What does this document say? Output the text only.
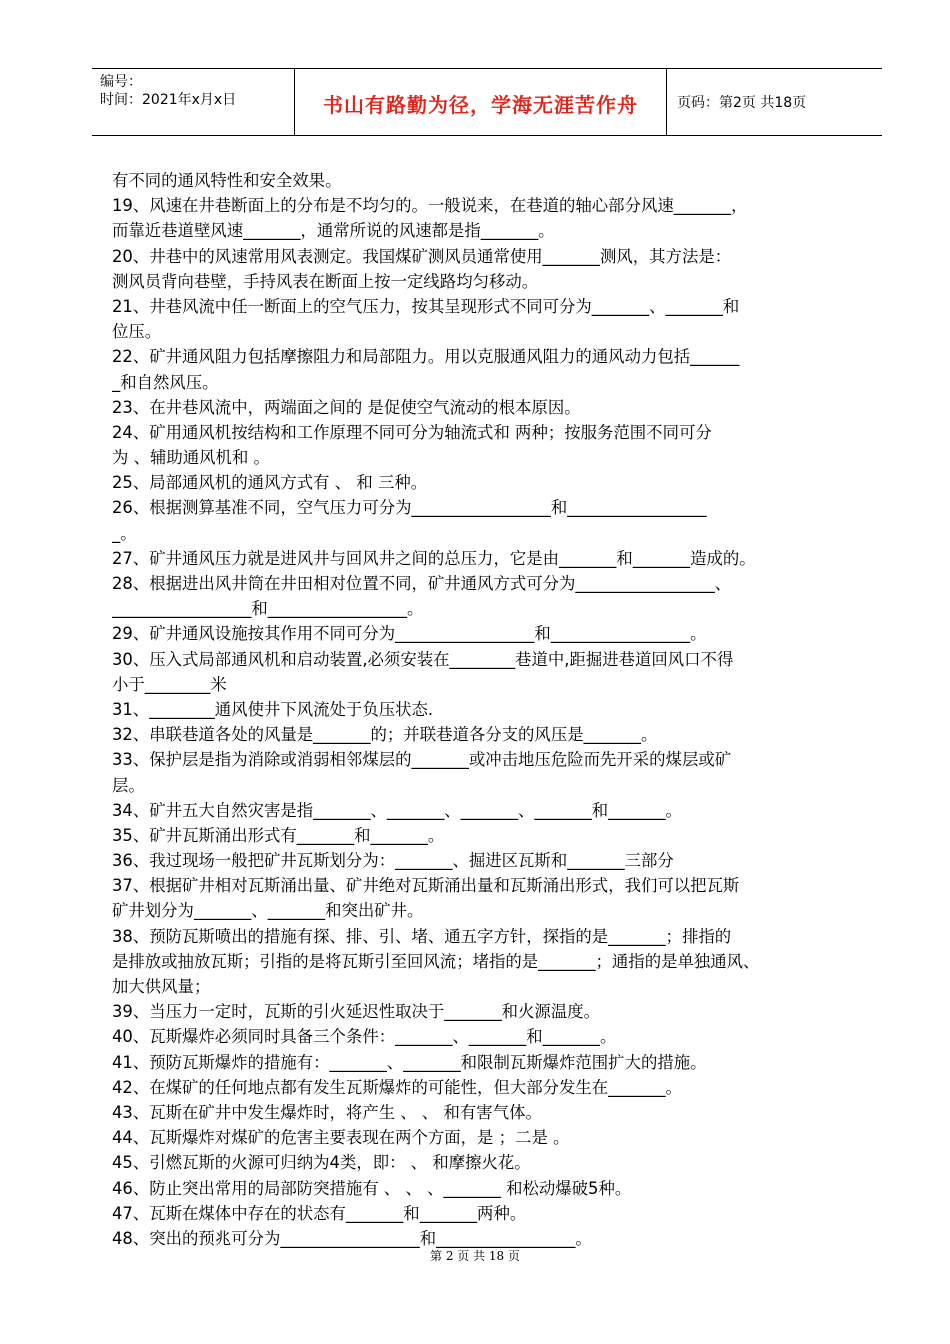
编号：
时间：2021年x月x日	书山有路勤为径，学海无涯苦作舟	页码：第2页 共18页
有不同的通风特性和安全效果。
19、风速在井巷断面上的分布是不均匀的。一般说来，在巷道的轴心部分风速_______，
而靠近巷道壁风速_______，通常所说的风速都是指_______。
20、井巷中的风速常用风表测定。我国煤矿测风员通常使用_______测风，其方法是：
测风员背向巷壁，手持风表在断面上按一定线路均匀移动。
21、井巷风流中任一断面上的空气压力，按其呈现形式不同可分为_______、_______和
位压。
22、矿井通风阻力包括摩擦阻力和局部阻力。用以克服通风阻力的通风动力包括______
_和自然风压。
23、在井巷风流中，两端面之间的 是促使空气流动的根本原因。
24、矿用通风机按结构和工作原理不同可分为轴流式和 两种；按服务范围不同可分
为 、辅助通风机和 。
25、局部通风机的通风方式有 、 和 三种。
26、根据测算基准不同，空气压力可分为_________________和_________________
_。
27、矿井通风压力就是进风井与回风井之间的总压力，它是由_______和_______造成的。
28、根据进出风井筒在井田相对位置不同，矿井通风方式可分为_________________、
_________________和_________________。
29、矿井通风设施按其作用不同可分为_________________和_________________。
30、压入式局部通风机和启动装置,必须安装在________巷道中,距掘进巷道回风口不得
小于________米
31、________通风使井下风流处于负压状态.
32、串联巷道各处的风量是_______的；并联巷道各分支的风压是_______。
33、保护层是指为消除或消弱相邻煤层的_______或冲击地压危险而先开采的煤层或矿
层。
34、矿井五大自然灾害是指_______、_______、_______、_______和_______。
35、矿井瓦斯涌出形式有_______和_______。
36、我过现场一般把矿井瓦斯划分为：_______、掘进区瓦斯和_______三部分
37、根据矿井相对瓦斯涌出量、矿井绝对瓦斯涌出量和瓦斯涌出形式，我们可以把瓦斯
矿井划分为_______、_______和突出矿井。
38、预防瓦斯喷出的措施有探、排、引、堵、通五字方针，探指的是_______；排指的
是排放或抽放瓦斯；引指的是将瓦斯引至回风流；堵指的是_______；通指的是单独通风、
加大供风量；
39、当压力一定时，瓦斯的引火延迟性取决于_______和火源温度。
40、瓦斯爆炸必须同时具备三个条件：_______、_______和_______。
41、预防瓦斯爆炸的措施有：_______、_______和限制瓦斯爆炸范围扩大的措施。
42、在煤矿的任何地点都有发生瓦斯爆炸的可能性，但大部分发生在_______。
43、瓦斯在矿井中发生爆炸时，将产生 、 、 和有害气体。
44、瓦斯爆炸对煤矿的危害主要表现在两个方面，是 ；二是 。
45、引燃瓦斯的火源可归纳为4类，即： 、 和摩擦火花。
46、防止突出常用的局部防突措施有 、 、 、_______ 和松动爆破5种。
47、瓦斯在煤体中存在的状态有_______和_______两种。
48、突出的预兆可分为_________________和_________________。
第 2 页 共 18 页
